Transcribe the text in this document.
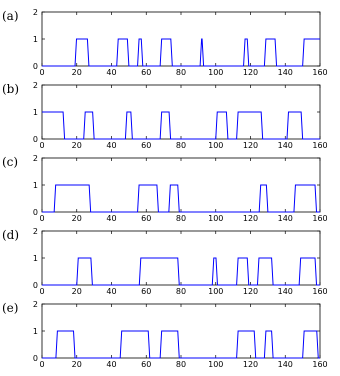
(a)
0	20	40	60	80	100 120 140 160
0
1
2
(b)
0	20	40	60	80	100 120 140 160
0
1
2
(c)
0	20	40	60	80	100 120 140 160
0
1
2
(d)
0	20	40	60	80	100 120 140 160
0
1
2
(e)
0	20	40	60	80	100 120 140 160
0
1
2
